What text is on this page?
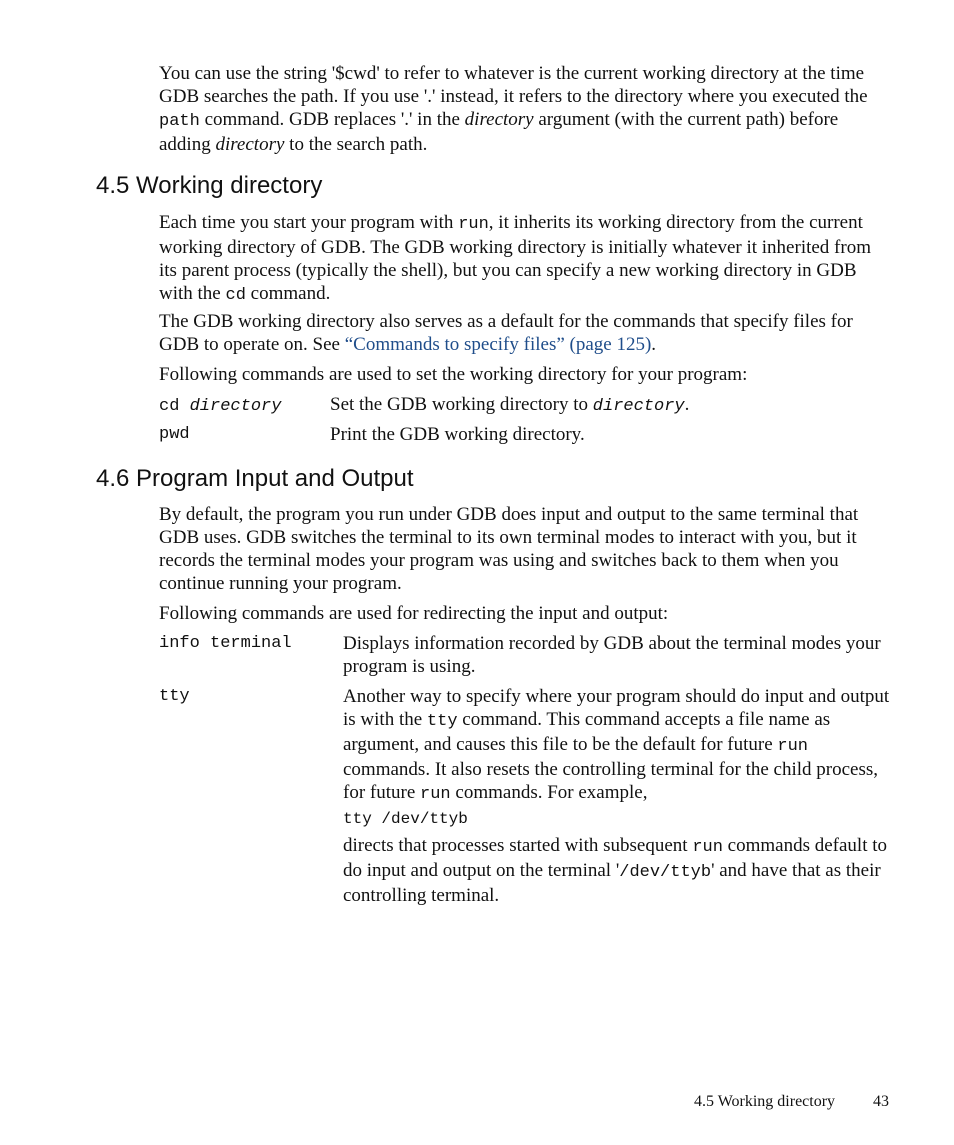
You can use the string '$cwd' to refer to whatever is the current working directory at the time GDB searches the path. If you use '.' instead, it refers to the directory where you executed the path command. GDB replaces '.' in the directory argument (with the current path) before adding directory to the search path.

4.5 Working directory

Each time you start your program with run, it inherits its working directory from the current working directory of GDB. The GDB working directory is initially whatever it inherited from its parent process (typically the shell), but you can specify a new working directory in GDB with the cd command.

The GDB working directory also serves as a default for the commands that specify files for GDB to operate on. See “Commands to specify files” (page 125).

Following commands are used to set the working directory for your program:

cd directory	Set the GDB working directory to directory.

pwd	Print the GDB working directory.

4.6 Program Input and Output

By default, the program you run under GDB does input and output to the same terminal that GDB uses. GDB switches the terminal to its own terminal modes to interact with you, but it records the terminal modes your program was using and switches back to them when you continue running your program.

Following commands are used for redirecting the input and output:

info terminal	Displays information recorded by GDB about the terminal modes your program is using.

tty	Another way to specify where your program should do input and output is with the tty command. This command accepts a file name as argument, and causes this file to be the default for future run commands. It also resets the controlling terminal for the child process, for future run commands. For example,

tty /dev/ttyb

directs that processes started with subsequent run commands default to do input and output on the terminal '/dev/ttyb' and have that as their controlling terminal.

4.5 Working directory 43
